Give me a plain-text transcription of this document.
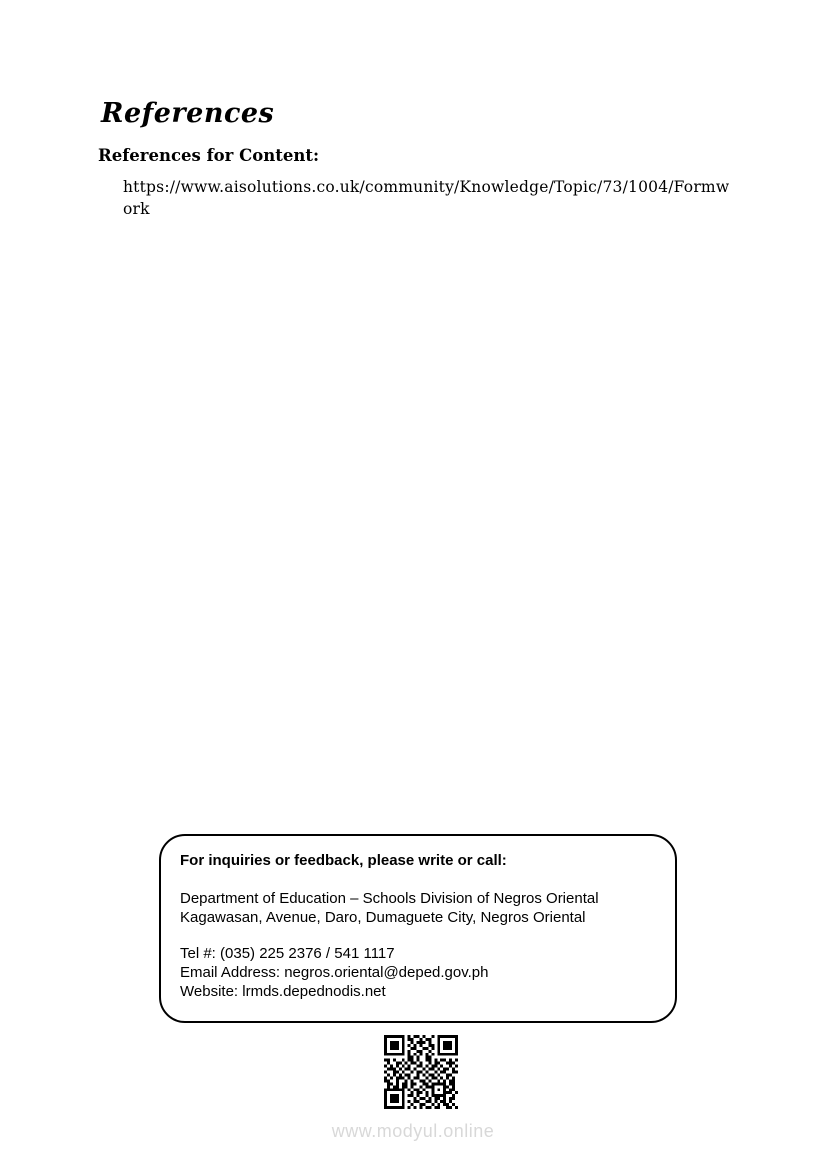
References
References for Content:
https://www.aisolutions.co.uk/community/Knowledge/Topic/73/1004/Formw
ork

For inquiries or feedback, please write or call:

Department of Education – Schools Division of Negros Oriental
Kagawasan, Avenue, Daro, Dumaguete City, Negros Oriental

Tel #: (035) 225 2376 / 541 1117
Email Address: negros.oriental@deped.gov.ph
Website: lrmds.depednodis.net

www.modyul.online
